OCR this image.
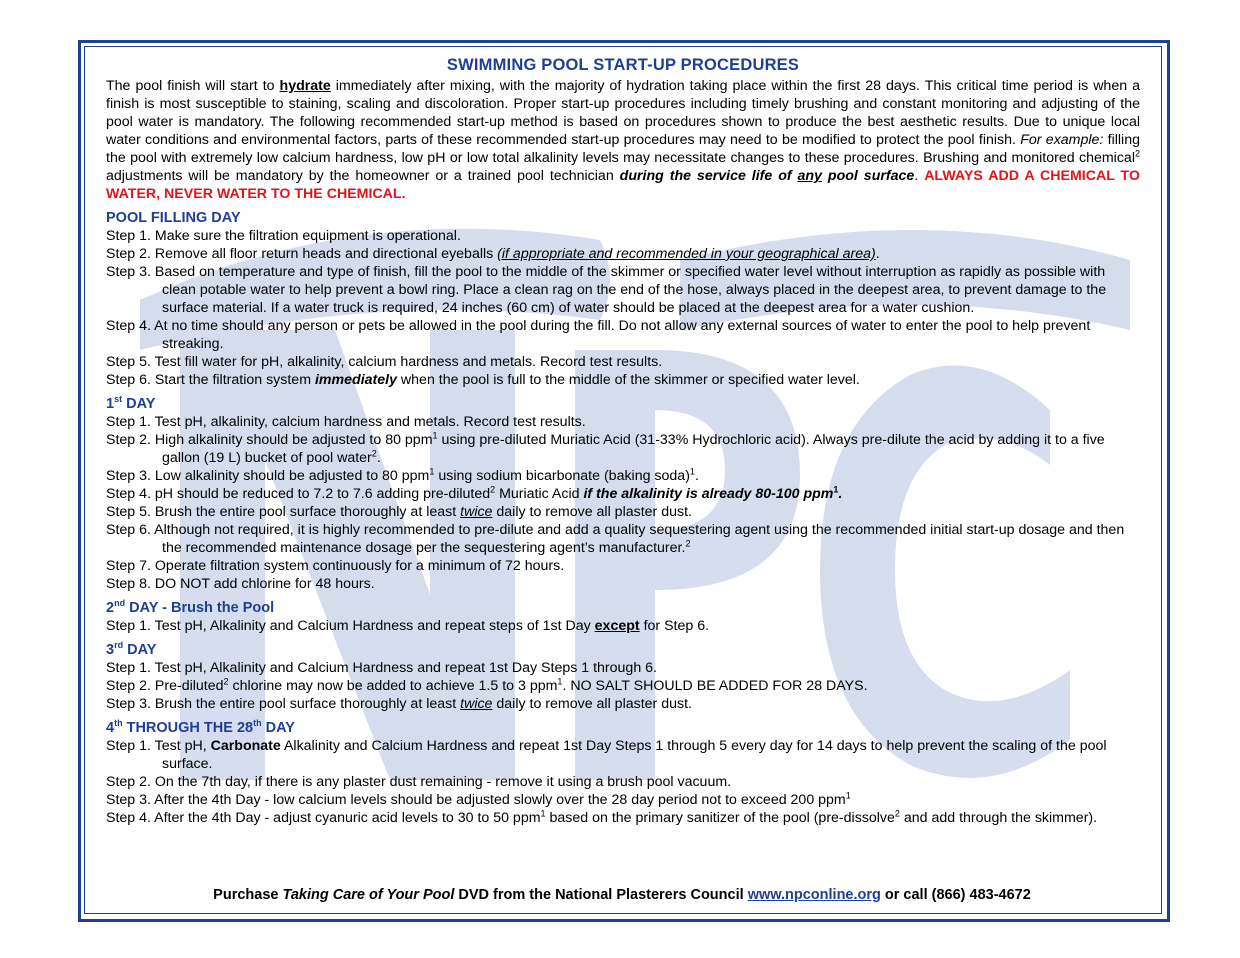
SWIMMING POOL START-UP PROCEDURES
The pool finish will start to hydrate immediately after mixing, with the majority of hydration taking place within the first 28 days. This critical time period is when a finish is most susceptible to staining, scaling and discoloration. Proper start-up procedures including timely brushing and constant monitoring and adjusting of the pool water is mandatory. The following recommended start-up method is based on procedures shown to produce the best aesthetic results. Due to unique local water conditions and environmental factors, parts of these recommended start-up procedures may need to be modified to protect the pool finish. For example: filling the pool with extremely low calcium hardness, low pH or low total alkalinity levels may necessitate changes to these procedures. Brushing and monitored chemical$^2$ adjustments will be mandatory by the homeowner or a trained pool technician during the service life of any pool surface. ALWAYS ADD A CHEMICAL TO WATER, NEVER WATER TO THE CHEMICAL.
POOL FILLING DAY
Step 1. Make sure the filtration equipment is operational.
Step 2. Remove all floor return heads and directional eyeballs (if appropriate and recommended in your geographical area).
Step 3. Based on temperature and type of finish, fill the pool to the middle of the skimmer or specified water level without interruption as rapidly as possible with clean potable water to help prevent a bowl ring. Place a clean rag on the end of the hose, always placed in the deepest area, to prevent damage to the surface material. If a water truck is required, 24 inches (60 cm) of water should be placed at the deepest area for a water cushion.
Step 4. At no time should any person or pets be allowed in the pool during the fill. Do not allow any external sources of water to enter the pool to help prevent streaking.
Step 5. Test fill water for pH, alkalinity, calcium hardness and metals. Record test results.
Step 6. Start the filtration system immediately when the pool is full to the middle of the skimmer or specified water level.
1st DAY
Step 1. Test pH, alkalinity, calcium hardness and metals. Record test results.
Step 2. High alkalinity should be adjusted to 80 ppm$^1$ using pre-diluted Muriatic Acid (31-33% Hydrochloric acid). Always pre-dilute the acid by adding it to a five gallon (19 L) bucket of pool water$^2$.
Step 3. Low alkalinity should be adjusted to 80 ppm$^1$ using sodium bicarbonate (baking soda)$^1$.
Step 4. pH should be reduced to 7.2 to 7.6 adding pre-diluted$^2$ Muriatic Acid if the alkalinity is already 80-100 ppm$^1$.
Step 5. Brush the entire pool surface thoroughly at least twice daily to remove all plaster dust.
Step 6. Although not required, it is highly recommended to pre-dilute and add a quality sequestering agent using the recommended initial start-up dosage and then the recommended maintenance dosage per the sequestering agent’s manufacturer.$^2$
Step 7. Operate filtration system continuously for a minimum of 72 hours.
Step 8. DO NOT add chlorine for 48 hours.
2nd DAY - Brush the Pool
Step 1. Test pH, Alkalinity and Calcium Hardness and repeat steps of 1st Day except for Step 6.
3rd DAY
Step 1. Test pH, Alkalinity and Calcium Hardness and repeat 1st Day Steps 1 through 6.
Step 2. Pre-diluted$^2$ chlorine may now be added to achieve 1.5 to 3 ppm$^1$. NO SALT SHOULD BE ADDED FOR 28 DAYS.
Step 3. Brush the entire pool surface thoroughly at least twice daily to remove all plaster dust.
4th THROUGH THE 28th DAY
Step 1. Test pH, Carbonate Alkalinity and Calcium Hardness and repeat 1st Day Steps 1 through 5 every day for 14 days to help prevent the scaling of the pool surface.
Step 2. On the 7th day, if there is any plaster dust remaining - remove it using a brush pool vacuum.
Step 3. After the 4th Day - low calcium levels should be adjusted slowly over the 28 day period not to exceed 200 ppm$^1$
Step 4. After the 4th Day - adjust cyanuric acid levels to 30 to 50 ppm$^1$ based on the primary sanitizer of the pool (pre-dissolve$^2$ and add through the skimmer).
Purchase Taking Care of Your Pool DVD from the National Plasterers Council www.npconline.org or call (866) 483-4672
